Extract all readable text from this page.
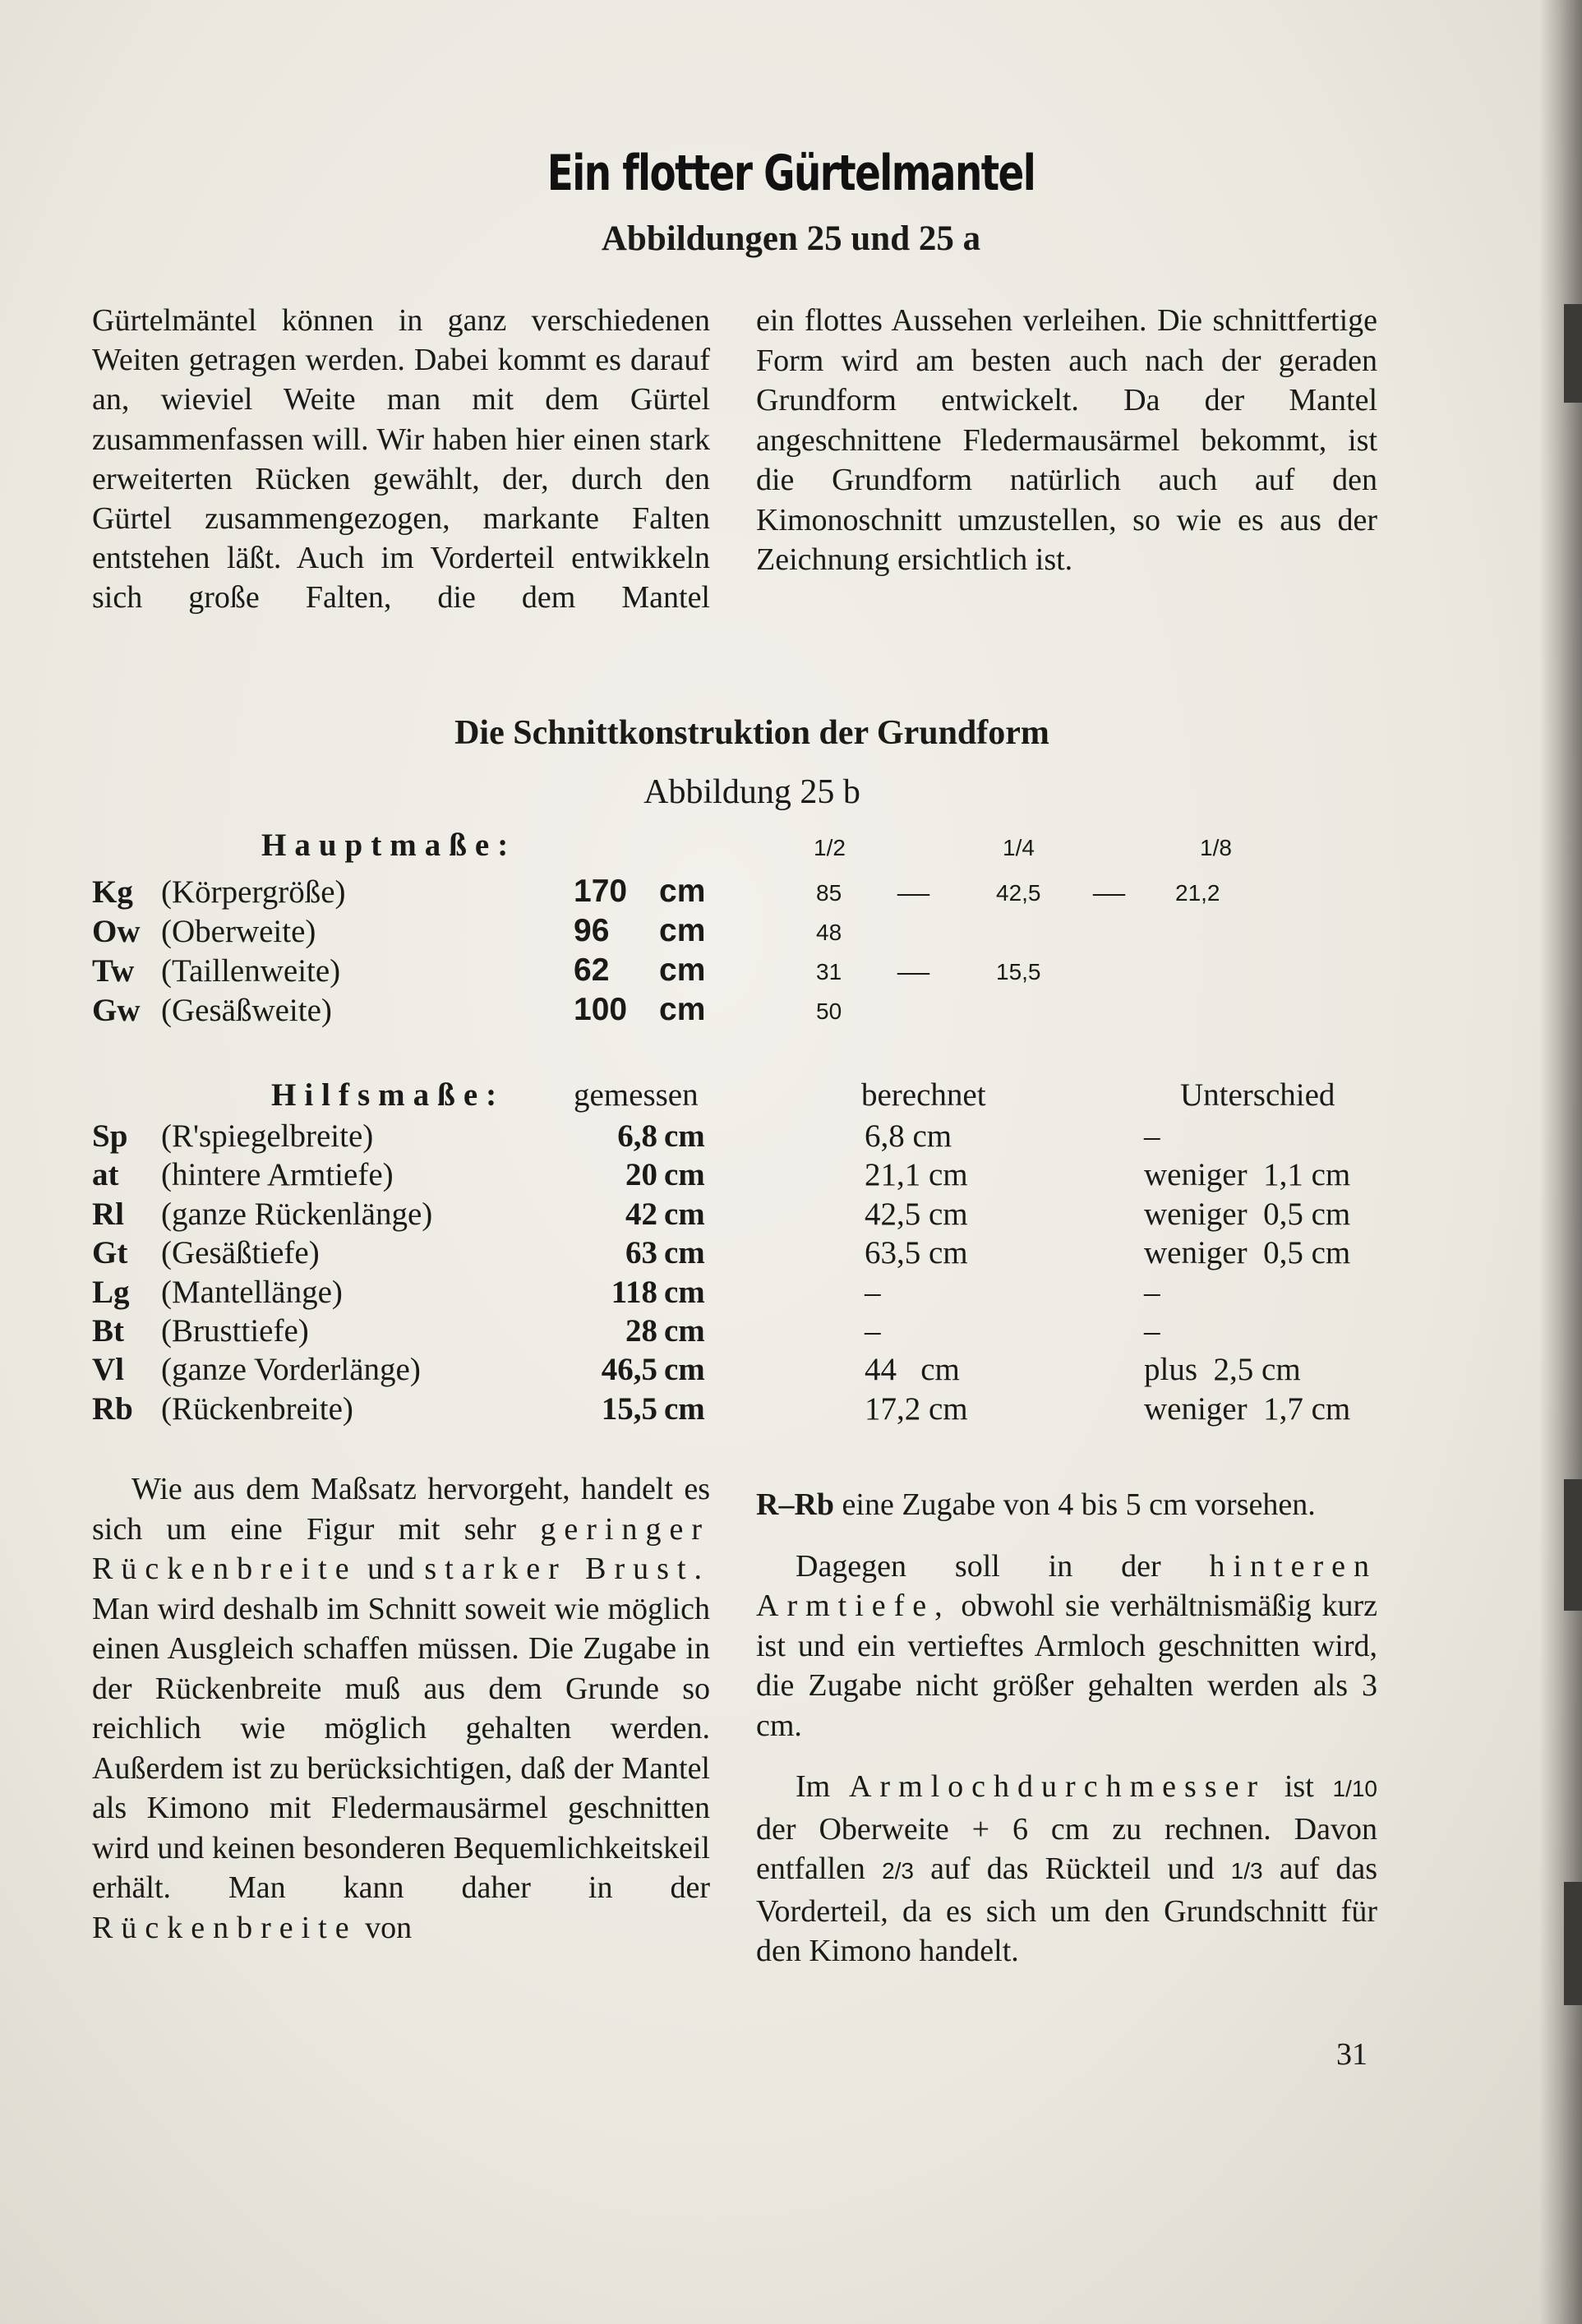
Ein flotter Gürtelmantel

Abbildungen 25 und 25 a

Gürtelmäntel können in ganz verschiedenen Weiten getragen werden. Dabei kommt es darauf an, wieviel Weite man mit dem Gürtel zusammenfassen will. Wir haben hier einen stark erweiterten Rücken gewählt, der, durch den Gürtel zusammengezogen, markante Falten entstehen läßt. Auch im Vorderteil entwikkeln sich große Falten, die dem Mantel

ein flottes Aussehen verleihen. Die schnittfertige Form wird am besten auch nach der geraden Grundform entwickelt. Da der Mantel angeschnittene Fledermausärmel bekommt, ist die Grundform natürlich auch auf den Kimonoschnitt umzustellen, so wie es aus der Zeichnung ersichtlich ist.

Die Schnittkonstruktion der Grundform

Abbildung 25 b

Hauptmaße:	1/2	1/4	1/8
Kg (Körpergröße)	170 cm	85 —	42,5 — 21,2
Ow (Oberweite)	96 cm	48
Tw (Taillenweite)	62 cm	31 —	15,5
Gw (Gesäßweite)	100 cm	50
Hilfsmaße: gemessen	berechnet	Unterschied
Sp (R'spiegelbreite)	6,8 cm	6,8 cm	–
at (hintere Armtiefe)	20 cm	21,1 cm	weniger  1,1 cm
Rl (ganze Rückenlänge)	42 cm	42,5 cm	weniger  0,5 cm
Gt (Gesäßtiefe)	63 cm	63,5 cm	weniger  0,5 cm
Lg (Mantellänge)	118 cm	–	–
Bt (Brusttiefe)	28 cm	–	–
Vl (ganze Vorderlänge)	46,5 cm	44   cm	plus  2,5 cm
Rb (Rückenbreite)	15,5 cm	17,2 cm	weniger  1,7 cm
Wie aus dem Maßsatz hervorgeht, handelt es sich um eine Figur mit sehr geringer Rückenbreite und starker Brust. Man wird deshalb im Schnitt soweit wie möglich einen Ausgleich schaffen müssen. Die Zugabe in der Rückenbreite muß aus dem Grunde so reichlich wie möglich gehalten werden. Außerdem ist zu berücksichtigen, daß der Mantel als Kimono mit Fledermausärmel geschnitten wird und keinen besonderen Bequemlichkeitskeil erhält. Man kann daher in der Rückenbreite von

R–Rb eine Zugabe von 4 bis 5 cm vorsehen.

Dagegen soll in der hinteren Armtiefe, obwohl sie verhältnismäßig kurz ist und ein vertieftes Armloch geschnitten wird, die Zugabe nicht größer gehalten werden als 3 cm.

Im Armlochdurchmesser ist 1/10 der Oberweite + 6 cm zu rechnen. Davon entfallen 2/3 auf das Rückteil und 1/3 auf das Vorderteil, da es sich um den Grundschnitt für den Kimono handelt.

31
